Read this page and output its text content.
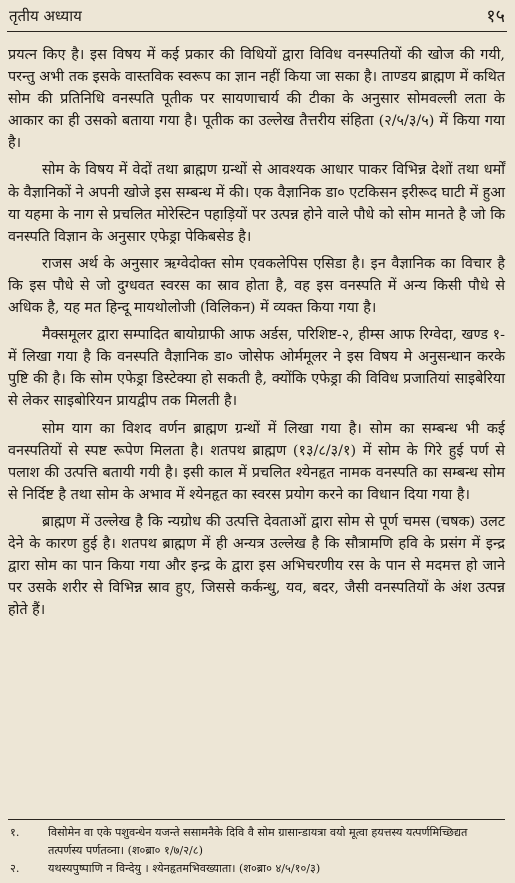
तृतीय अध्याय	१५

प्रयत्न किए है। इस विषय में कई प्रकार की विधियों द्वारा विविध वनस्पतियों की खोज की गयी, परन्तु अभी तक इसके वास्तविक स्वरूप का ज्ञान नहीं किया जा सका है। ताण्डय ब्राह्मण में कथित सोम की प्रतिनिधि वनस्पति पूतीक पर सायणाचार्य की टीका के अनुसार सोमवल्ली लता के आकार का ही उसको बताया गया है। पूतीक का उल्लेख तैत्तरीय संहिता (२/५/३/५) में किया गया है।

सोम के विषय में वेदों तथा ब्राह्मण ग्रन्थों से आवश्यक आधार पाकर विभिन्न देशों तथा धर्मों के वैज्ञानिकों ने अपनी खोजे इस सम्बन्ध में की। एक वैज्ञानिक डा० एटकिसन इरीरूद घाटी में हुआ या यहमा के नाग से प्रचलित मोरेस्टिन पहाड़ियों पर उत्पन्न होने वाले पौधे को सोम मानते है जो कि वनस्पति विज्ञान के अनुसार एफेड्रा पेकिबसेड है।

राजस अर्थ के अनुसार ऋग्वेदोक्त सोम एवकलेपिस एसिडा है। इन वैज्ञानिक का विचार है कि इस पौधे से जो दुग्धवत स्वरस का स्राव होता है, वह इस वनस्पति में अन्य किसी पौधे से अधिक है, यह मत हिन्दू मायथोलोजी (विलिकन) में व्यक्त किया गया है।

मैक्समूलर द्वारा सम्पादित बायोग्राफी आफ अर्डस, परिशिष्ट-२, हीम्स आफ रिग्वेदा, खण्ड १- में लिखा गया है कि वनस्पति वैज्ञानिक डा० जोसेफ ओर्ममूलर ने इस विषय मे अनुसन्धान करके पुष्टि की है। कि सोम एफेड्रा डिस्टेक्या हो सकती है, क्योंकि एफेड्रा की विविध प्रजातियां साइबेरिया से लेकर साइबोरियन प्रायद्वीप तक मिलती है।

सोम याग का विशद वर्णन ब्राह्मण ग्रन्थों में लिखा गया है। सोम का सम्बन्ध भी कई वनस्पतियों से स्पष्ट रूपेण मिलता है। शतपथ ब्राह्मण (१३/८/३/१) में सोम के गिरे हुई पर्ण से पलाश की उत्पत्ति बतायी गयी है। इसी काल में प्रचलित श्येनहृत नामक वनस्पति का सम्बन्ध सोम से निर्दिष्ट है तथा सोम के अभाव में श्येनहृत का स्वरस प्रयोग करने का विधान दिया गया है।

ब्राह्मण में उल्लेख है कि न्यग्रोध की उत्पत्ति देवताओं द्वारा सोम से पूर्ण चमस (चषक) उलट देने के कारण हुई है। शतपथ ब्राह्मण में ही अन्यत्र उल्लेख है कि सौत्रामणि हवि के प्रसंग में इन्द्र द्वारा सोम का पान किया गया और इन्द्र के द्वारा इस अभिचरणीय रस के पान से मदमत्त हो जाने पर उसके शरीर से विभिन्न स्राव हुए, जिससे कर्कन्धु, यव, बदर, जैसी वनस्पतियों के अंश उत्पन्न होते हैं।

१.	विसोमेन वा एके पशुवन्धेन यजन्ते ससामनैके दिवि वै सोम ग्रासान्डायत्रा वयो मूत्वा हयत्तस्य यत्पर्णमिच्छिद्यत तत्पर्णस्य पर्णतव्ना। (श०ब्रा० १/७/२/८)
२.	यथस्यपुष्पाणि न विन्देयु । श्येनहृतमभिवख्याता। (श०ब्रा० ४/५/१०/३)
